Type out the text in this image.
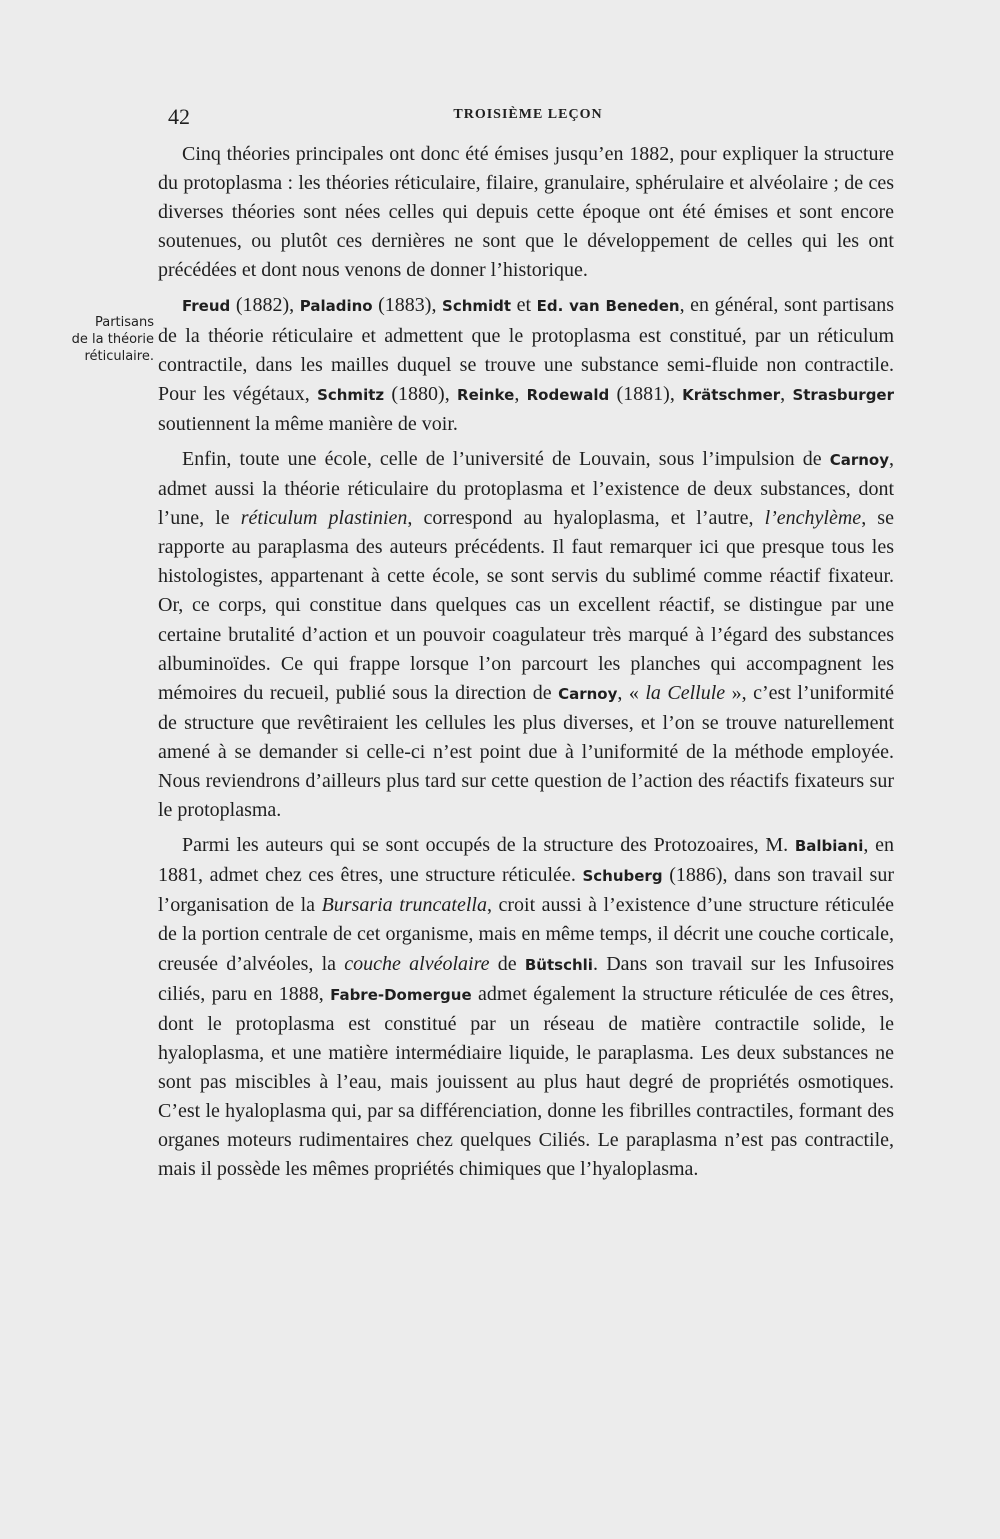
42	TROISIÈME LEÇON
Partisans
de la théorie
réticulaire.

Cinq théories principales ont donc été émises jusqu’en 1882, pour expliquer la structure du protoplasma : les théories réticulaire, filaire, granulaire, sphérulaire et alvéolaire ; de ces diverses théories sont nées celles qui depuis cette époque ont été émises et sont encore soutenues, ou plutôt ces dernières ne sont que le développement de celles qui les ont précédées et dont nous venons de donner l’historique.

Freud (1882), Paladino (1883), Schmidt et Ed. van Beneden, en général, sont partisans de la théorie réticulaire et admettent que le protoplasma est constitué, par un réticulum contractile, dans les mailles duquel se trouve une substance semi-fluide non contractile. Pour les végétaux, Schmitz (1880), Reinke, Rodewald (1881), Krätschmer, Strasburger soutiennent la même manière de voir.

Enfin, toute une école, celle de l’université de Louvain, sous l’impulsion de Carnoy, admet aussi la théorie réticulaire du protoplasma et l’existence de deux substances, dont l’une, le réticulum plastinien, correspond au hyaloplasma, et l’autre, l’enchylème, se rapporte au paraplasma des auteurs précédents. Il faut remarquer ici que presque tous les histologistes, appartenant à cette école, se sont servis du sublimé comme réactif fixateur. Or, ce corps, qui constitue dans quelques cas un excellent réactif, se distingue par une certaine brutalité d’action et un pouvoir coagulateur très marqué à l’égard des substances albuminoïdes. Ce qui frappe lorsque l’on parcourt les planches qui accompagnent les mémoires du recueil, publié sous la direction de Carnoy, « la Cellule », c’est l’uniformité de structure que revêtiraient les cellules les plus diverses, et l’on se trouve naturellement amené à se demander si celle-ci n’est point due à l’uniformité de la méthode employée. Nous reviendrons d’ailleurs plus tard sur cette question de l’action des réactifs fixateurs sur le protoplasma.

Parmi les auteurs qui se sont occupés de la structure des Protozoaires, M. Balbiani, en 1881, admet chez ces êtres, une structure réticulée. Schuberg (1886), dans son travail sur l’organisation de la Bursaria truncatella, croit aussi à l’existence d’une structure réticulée de la portion centrale de cet organisme, mais en même temps, il décrit une couche corticale, creusée d’alvéoles, la couche alvéolaire de Bütschli. Dans son travail sur les Infusoires ciliés, paru en 1888, Fabre-Domergue admet également la structure réticulée de ces êtres, dont le protoplasma est constitué par un réseau de matière contractile solide, le hyaloplasma, et une matière intermédiaire liquide, le paraplasma. Les deux substances ne sont pas miscibles à l’eau, mais jouissent au plus haut degré de propriétés osmotiques. C’est le hyaloplasma qui, par sa différenciation, donne les fibrilles contractiles, formant des organes moteurs rudimentaires chez quelques Ciliés. Le paraplasma n’est pas contractile, mais il possède les mêmes propriétés chimiques que l’hyaloplasma.
